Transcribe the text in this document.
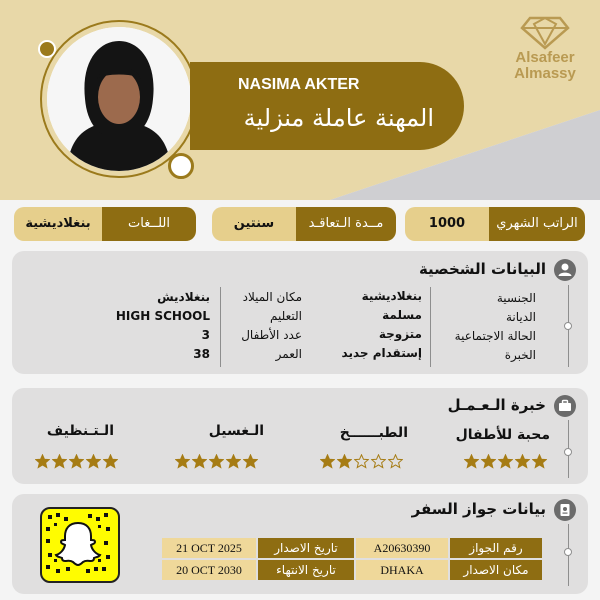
Alsafeer
Almassy
NASIMA AKTER
المهنة عاملة منزلية
الراتب الشهري
1000
مــدة الـتعاقـد
سنتين
اللــغات
بنغلاديشية
البيانات الشخصية
الجنسية
الديانة
الحالة الاجتماعية
الخبرة
بنغلاديشية
مسلمة
متزوجة
إستقدام جديد
مكان الميلاد
التعليم
عدد الأطفال
العمر
بنغلاديش
HIGH SCHOOL
3
38
خبرة الـعـمـل
محبة للأطفال
الطبــــــخ
الـغسيل
الـتـنظيف
بيانات جواز السفر
رقم الجواز
A20630390
تاريخ الاصدار
21 OCT 2025
مكان الاصدار
DHAKA
تاريخ الانتهاء
20 OCT 2030
